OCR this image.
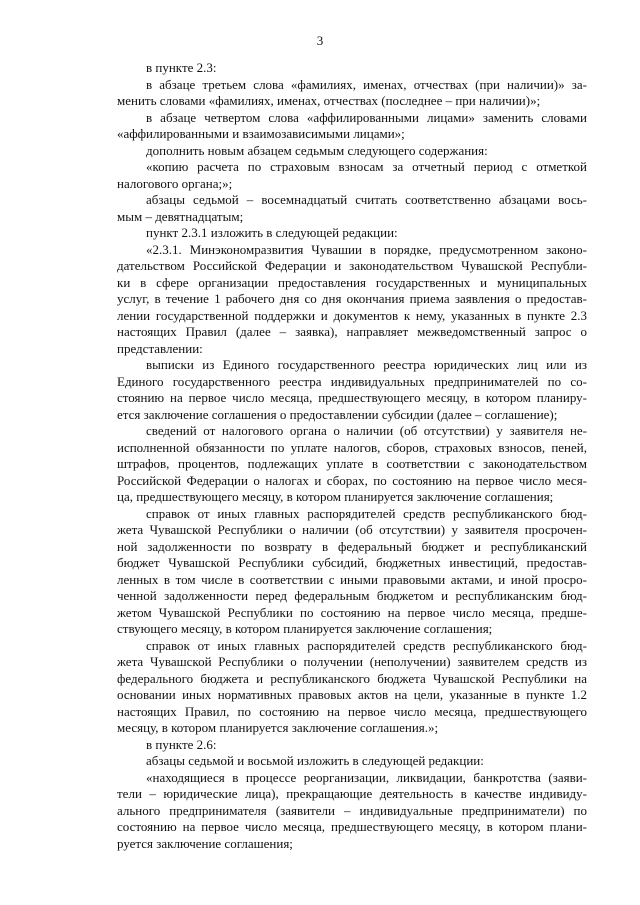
3
в пункте 2.3:
в абзаце третьем слова «фамилиях, именах, отчествах (при наличии)» за-
менить словами «фамилиях, именах, отчествах (последнее – при наличии)»;
в абзаце четвертом слова «аффилированными лицами» заменить словами
«аффилированными и взаимозависимыми лицами»;
дополнить новым абзацем седьмым следующего содержания:
«копию расчета по страховым взносам за отчетный период с отметкой
налогового органа;»;
абзацы седьмой – восемнадцатый считать соответственно абзацами вось-
мым – девятнадцатым;
пункт 2.3.1 изложить в следующей редакции:
«2.3.1. Минэкономразвития Чувашии в порядке, предусмотренном законо-
дательством Российской Федерации и законодательством Чувашской Республи-
ки в сфере организации предоставления государственных и муниципальных
услуг, в течение 1 рабочего дня со дня окончания приема заявления о предостав-
лении государственной поддержки и документов к нему, указанных в пункте 2.3
настоящих Правил (далее – заявка), направляет межведомственный запрос о
представлении:
выписки из Единого государственного реестра юридических лиц или из
Единого государственного реестра индивидуальных предпринимателей по со-
стоянию на первое число месяца, предшествующего месяцу, в котором планиру-
ется заключение соглашения о предоставлении субсидии (далее – соглашение);
сведений от налогового органа о наличии (об отсутствии) у заявителя не-
исполненной обязанности по уплате налогов, сборов, страховых взносов, пеней,
штрафов, процентов, подлежащих уплате в соответствии с законодательством
Российской Федерации о налогах и сборах, по состоянию на первое число меся-
ца, предшествующего месяцу, в котором планируется заключение соглашения;
справок от иных главных распорядителей средств республиканского бюд-
жета Чувашской Республики о наличии (об отсутствии) у заявителя просрочен-
ной задолженности по возврату в федеральный бюджет и республиканский
бюджет Чувашской Республики субсидий, бюджетных инвестиций, предостав-
ленных в том числе в соответствии с иными правовыми актами, и иной просро-
ченной задолженности перед федеральным бюджетом и республиканским бюд-
жетом Чувашской Республики по состоянию на первое число месяца, предше-
ствующего месяцу, в котором планируется заключение соглашения;
справок от иных главных распорядителей средств республиканского бюд-
жета Чувашской Республики о получении (неполучении) заявителем средств из
федерального бюджета и республиканского бюджета Чувашской Республики на
основании иных нормативных правовых актов на цели, указанные в пункте 1.2
настоящих Правил, по состоянию на первое число месяца, предшествующего
месяцу, в котором планируется заключение соглашения.»;
в пункте 2.6:
абзацы седьмой и восьмой изложить в следующей редакции:
«находящиеся в процессе реорганизации, ликвидации, банкротства (заяви-
тели – юридические лица), прекращающие деятельность в качестве индивиду-
ального предпринимателя (заявители – индивидуальные предприниматели) по
состоянию на первое число месяца, предшествующего месяцу, в котором плани-
руется заключение соглашения;
